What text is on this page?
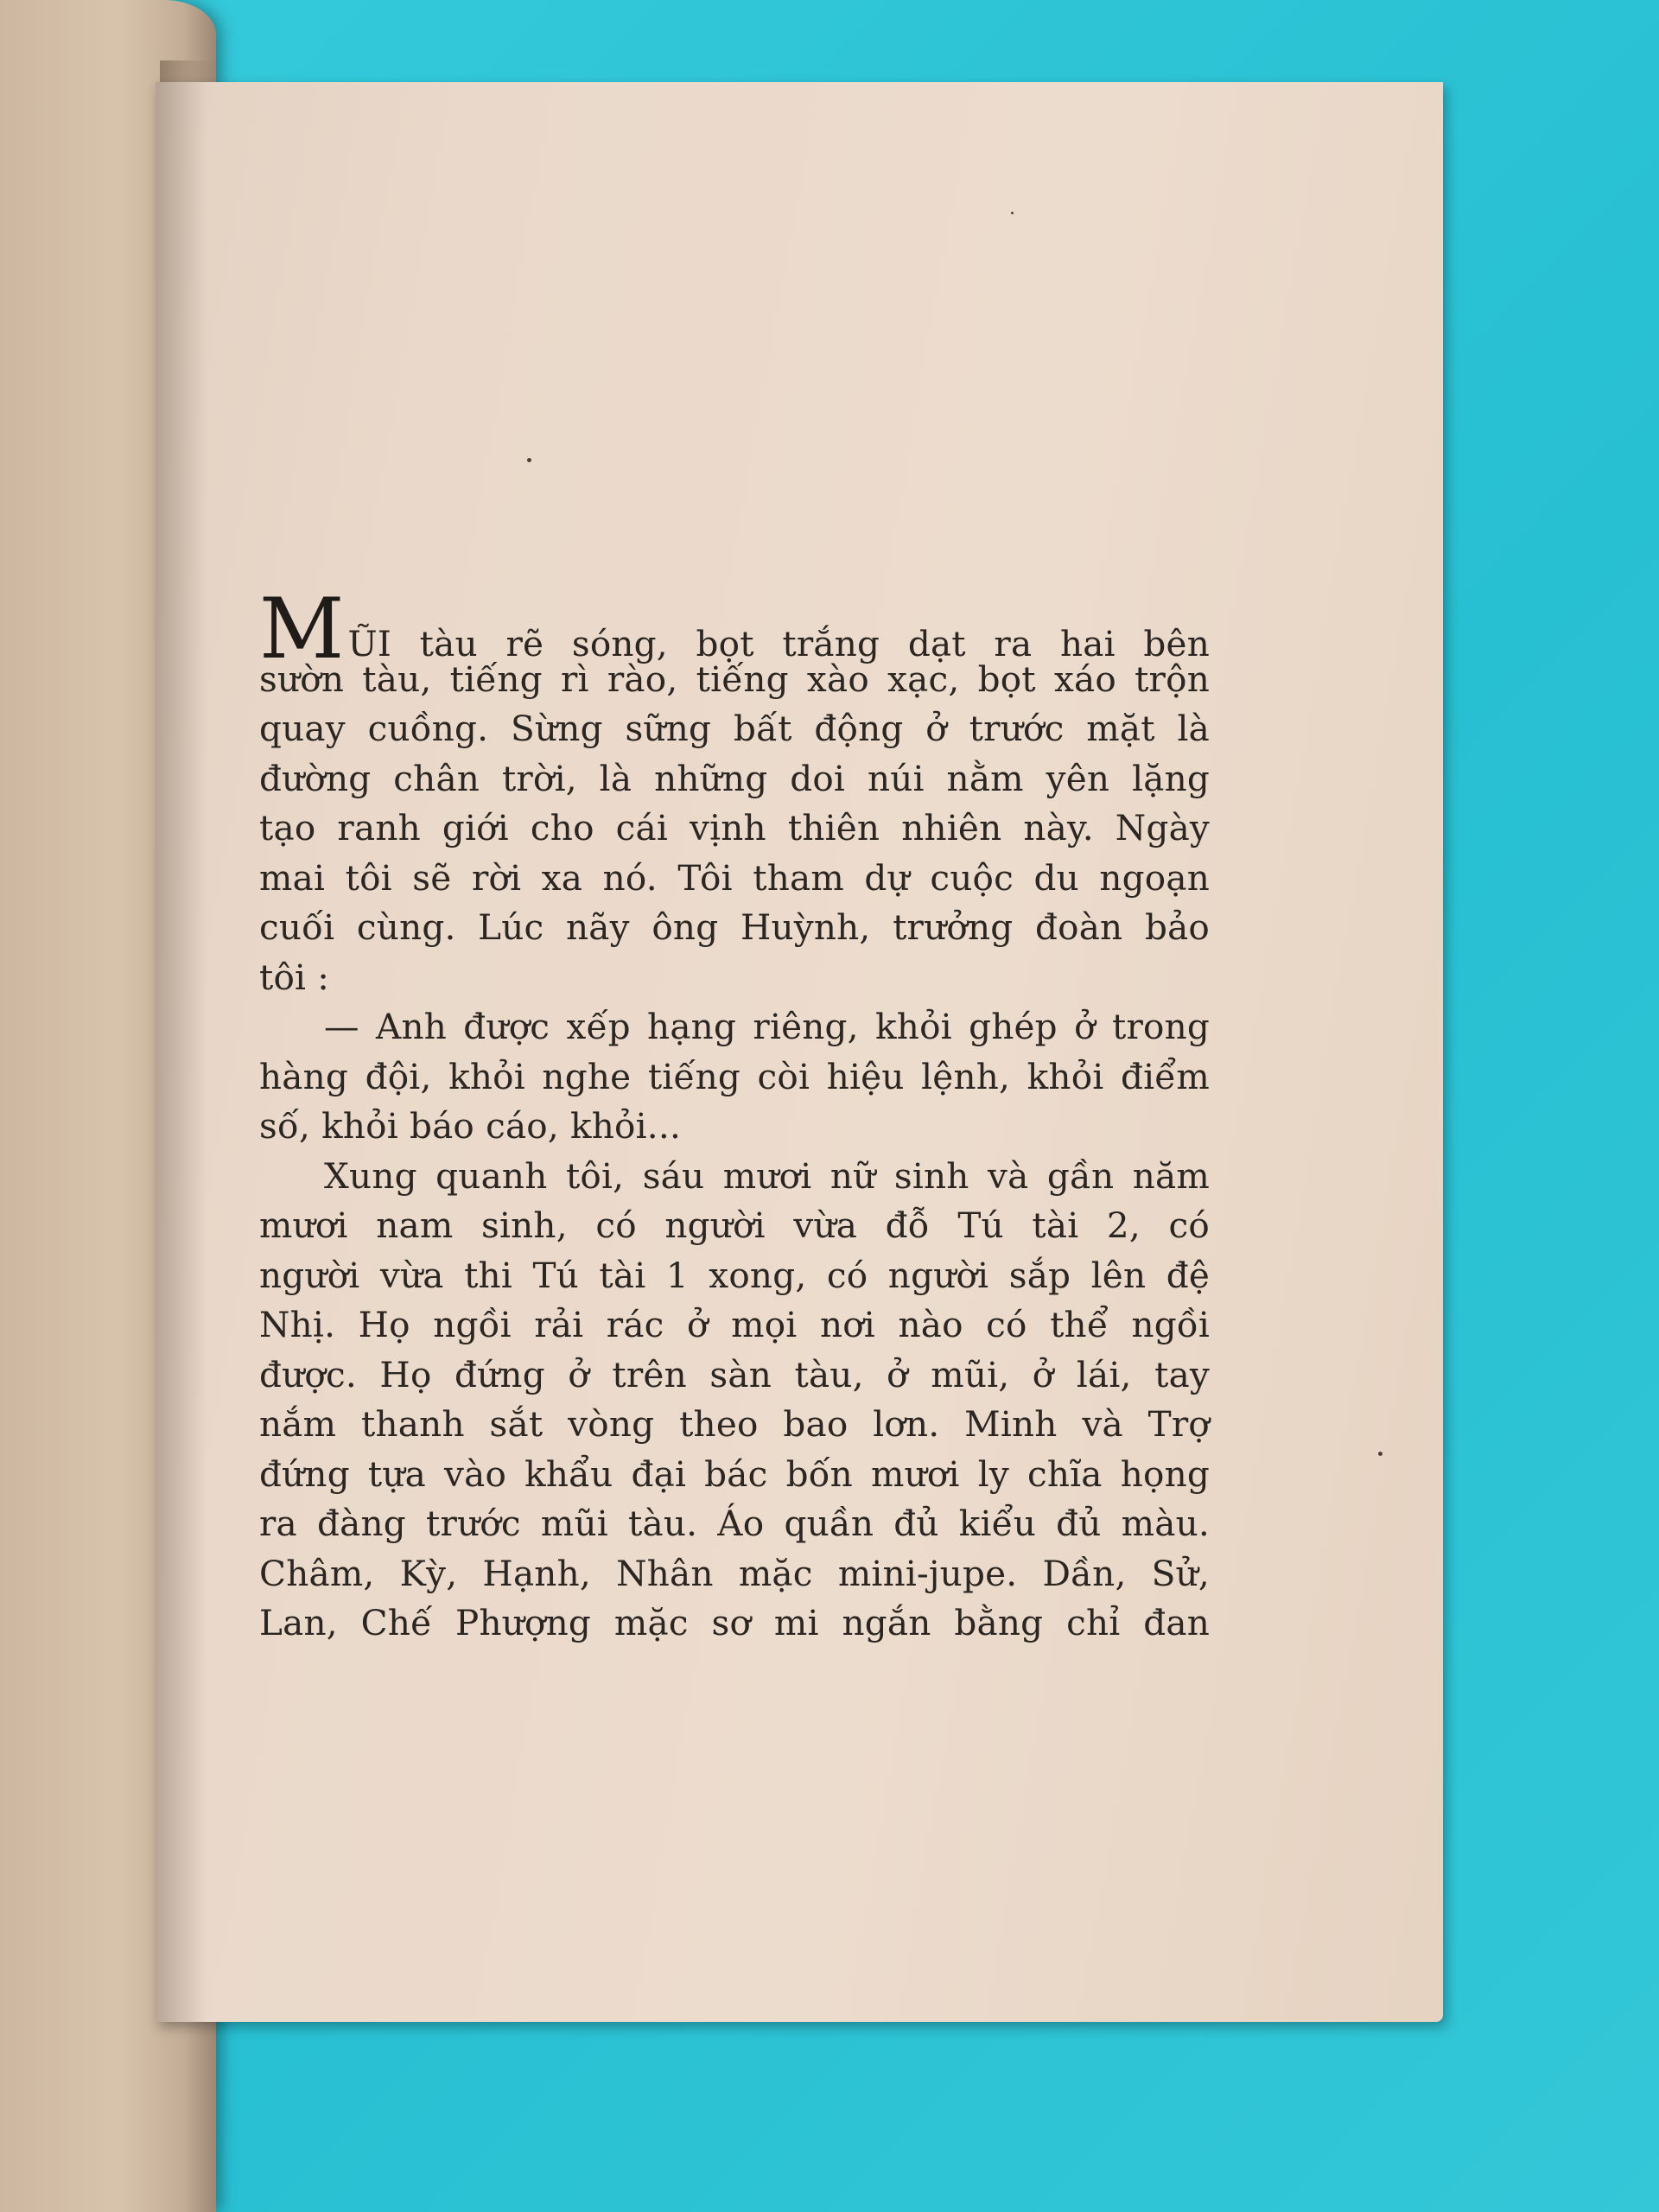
MŨI tàu rẽ sóng, bọt trắng dạt ra hai bên
sườn tàu, tiếng rì rào, tiếng xào xạc, bọt xáo trộn
quay cuồng. Sừng sững bất động ở trước mặt là
đường chân trời, là những doi núi nằm yên lặng
tạo ranh giới cho cái vịnh thiên nhiên này. Ngày
mai tôi sẽ rời xa nó. Tôi tham dự cuộc du ngoạn
cuối cùng. Lúc nãy ông Huỳnh, trưởng đoàn bảo
tôi :
— Anh được xếp hạng riêng, khỏi ghép ở trong
hàng đội, khỏi nghe tiếng còi hiệu lệnh, khỏi điểm
số, khỏi báo cáo, khỏi...
Xung quanh tôi, sáu mươi nữ sinh và gần năm
mươi nam sinh, có người vừa đỗ Tú tài 2, có
người vừa thi Tú tài 1 xong, có người sắp lên đệ
Nhị. Họ ngồi rải rác ở mọi nơi nào có thể ngồi
được. Họ đứng ở trên sàn tàu, ở mũi, ở lái, tay
nắm thanh sắt vòng theo bao lơn. Minh và Trợ
đứng tựa vào khẩu đại bác bốn mươi ly chĩa họng
ra đàng trước mũi tàu. Áo quần đủ kiểu đủ màu.
Châm, Kỳ, Hạnh, Nhân mặc mini-jupe. Dần, Sử,
Lan, Chế Phượng mặc sơ mi ngắn bằng chỉ đan
